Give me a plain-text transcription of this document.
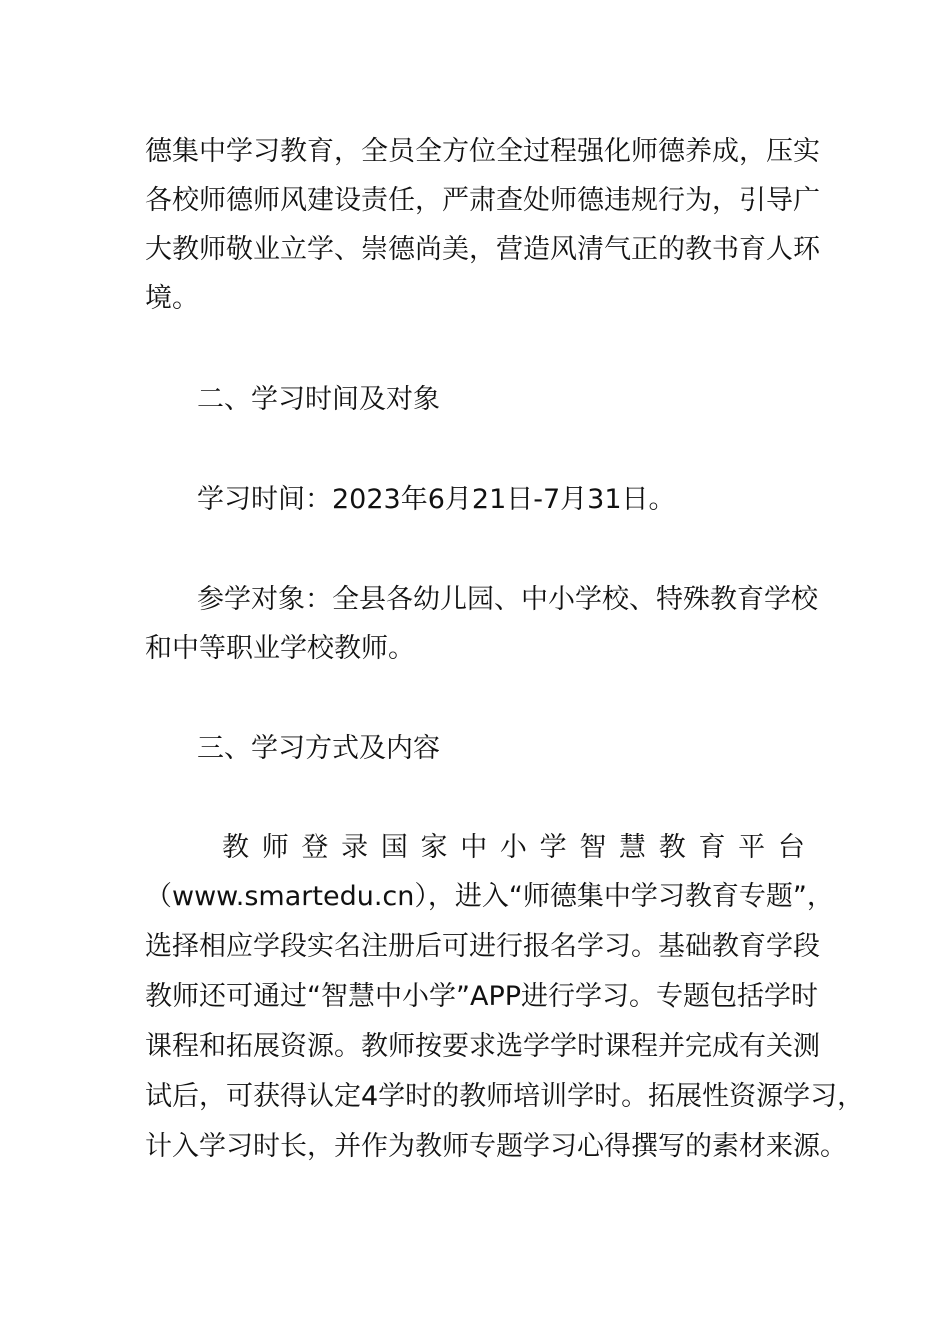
德集中学习教育，全员全方位全过程强化师德养成，压实
各校师德师风建设责任，严肃查处师德违规行为，引导广
大教师敬业立学、崇德尚美，营造风清气正的教书育人环
境。
二、学习时间及对象
学习时间：2023年6月21日-7月31日。
参学对象：全县各幼儿园、中小学校、特殊教育学校
和中等职业学校教师。
三、学习方式及内容
教 师 登 录 国 家 中 小 学 智 慧 教 育 平 台
（www.smartedu.cn），进入“师德集中学习教育专题”，
选择相应学段实名注册后可进行报名学习。基础教育学段
教师还可通过“智慧中小学”APP进行学习。专题包括学时
课程和拓展资源。教师按要求选学学时课程并完成有关测
试后，可获得认定4学时的教师培训学时。拓展性资源学习，
计入学习时长，并作为教师专题学习心得撰写的素材来源。
